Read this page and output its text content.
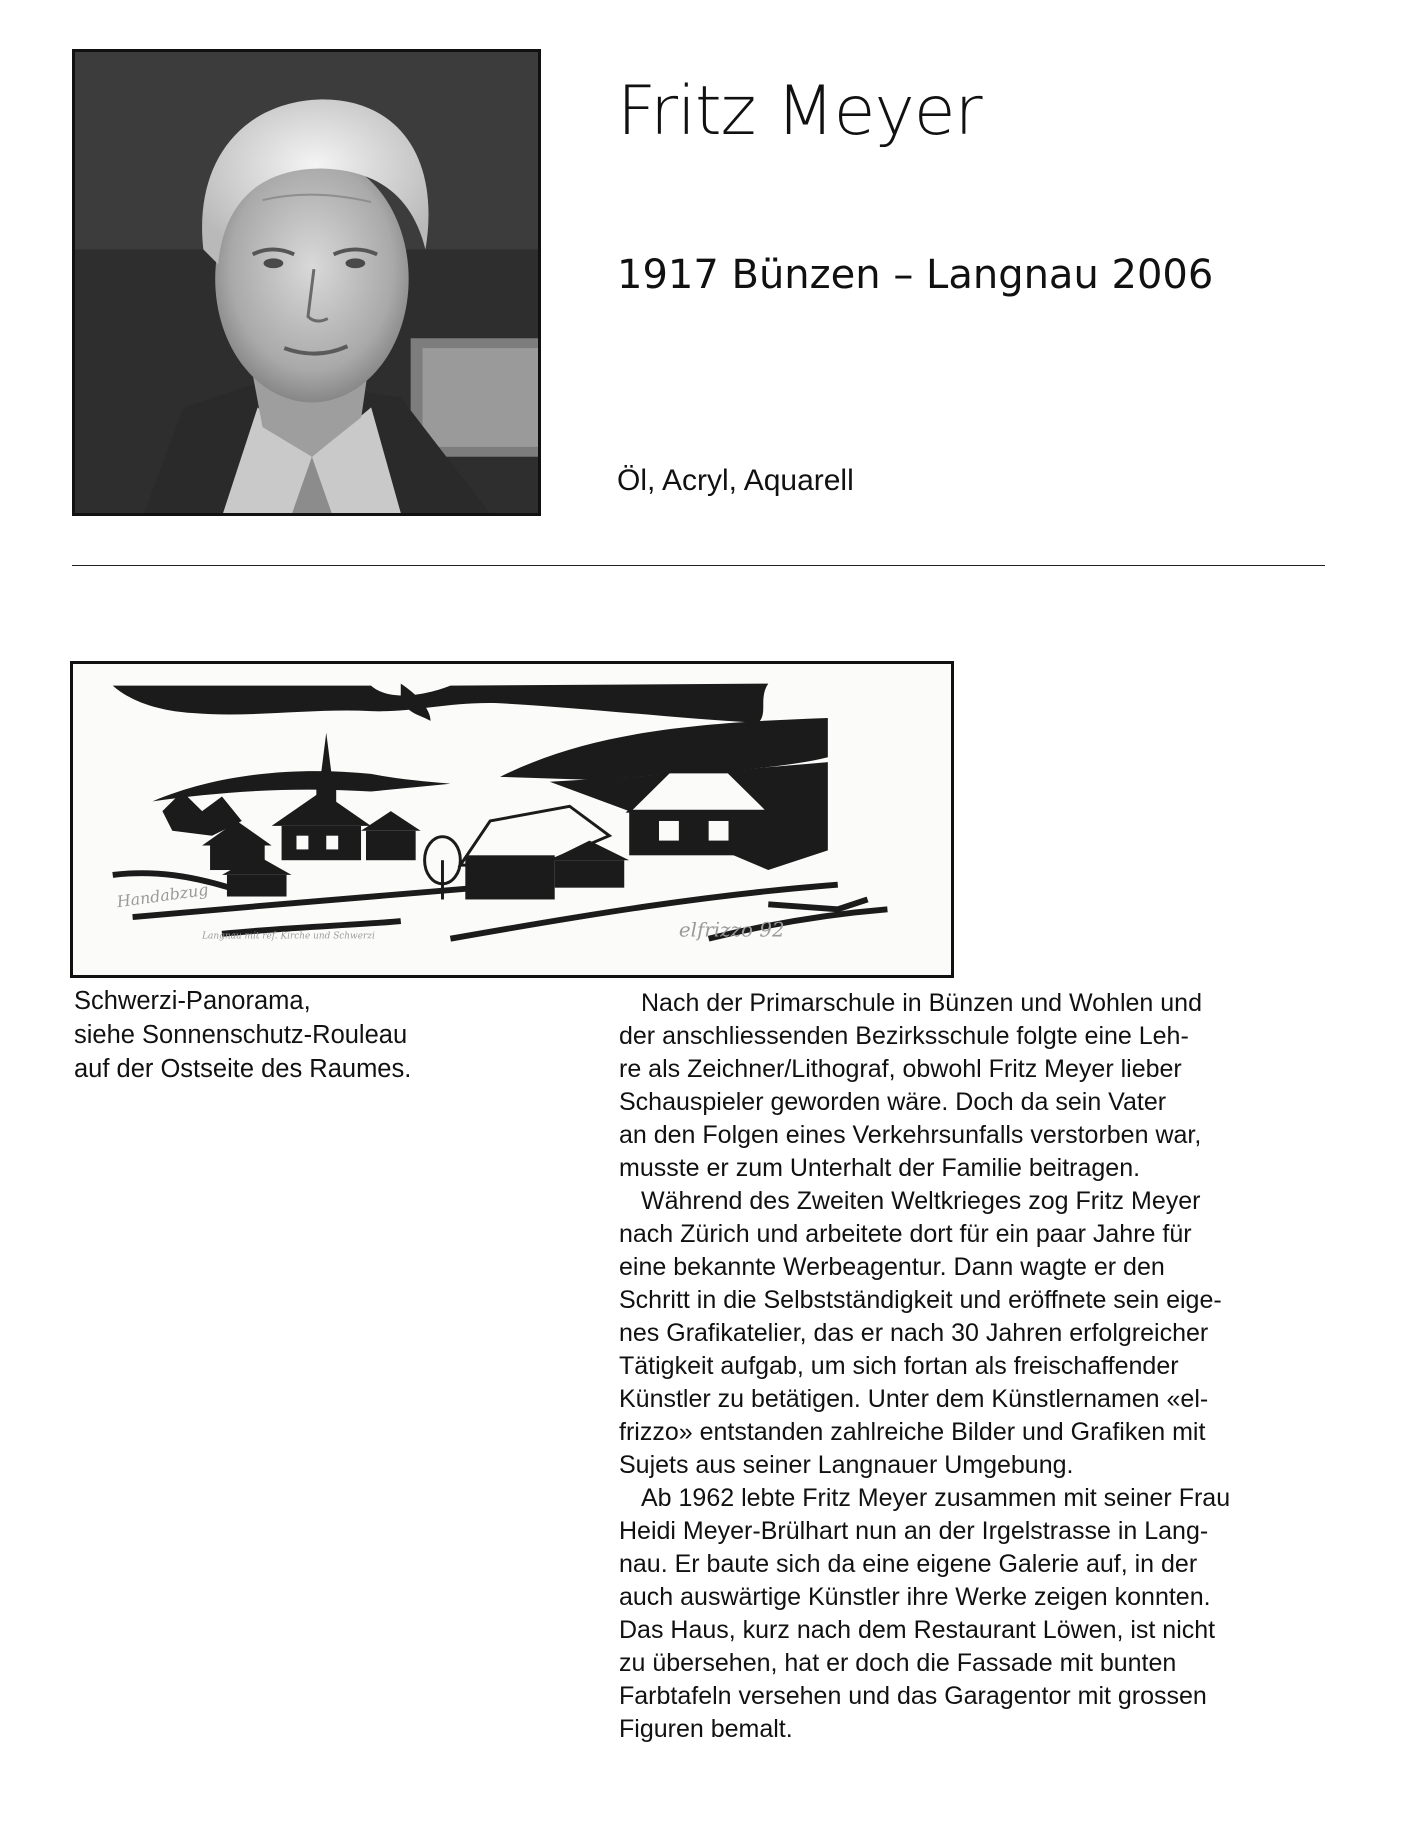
Fritz Meyer
1917 Bünzen – Langnau 2006
Öl, Acryl, Aquarell
Handabzug
Langnau mit ref. Kirche und Schwerzi	elfrizzo 92
Schwerzi-Panorama,
siehe Sonnenschutz-Rouleau
auf der Ostseite des Raumes.
Nach der Primarschule in Bünzen und Wohlen und
der anschliessenden Bezirksschule folgte eine Leh-
re als Zeichner/Lithograf, obwohl Fritz Meyer lieber
Schauspieler geworden wäre. Doch da sein Vater
an den Folgen eines Verkehrsunfalls verstorben war,
musste er zum Unterhalt der Familie beitragen.
Während des Zweiten Weltkrieges zog Fritz Meyer
nach Zürich und arbeitete dort für ein paar Jahre für
eine bekannte Werbeagentur. Dann wagte er den
Schritt in die Selbstständigkeit und eröffnete sein eige-
nes Grafikatelier, das er nach 30 Jahren erfolgreicher
Tätigkeit aufgab, um sich fortan als freischaffender
Künstler zu betätigen. Unter dem Künstlernamen «el-
frizzo» entstanden zahlreiche Bilder und Grafiken mit
Sujets aus seiner Langnauer Umgebung.
Ab 1962 lebte Fritz Meyer zusammen mit seiner Frau
Heidi Meyer-Brülhart nun an der Irgelstrasse in Lang-
nau. Er baute sich da eine eigene Galerie auf, in der
auch auswärtige Künstler ihre Werke zeigen konnten.
Das Haus, kurz nach dem Restaurant Löwen, ist nicht
zu übersehen, hat er doch die Fassade mit bunten
Farbtafeln versehen und das Garagentor mit grossen
Figuren bemalt.
